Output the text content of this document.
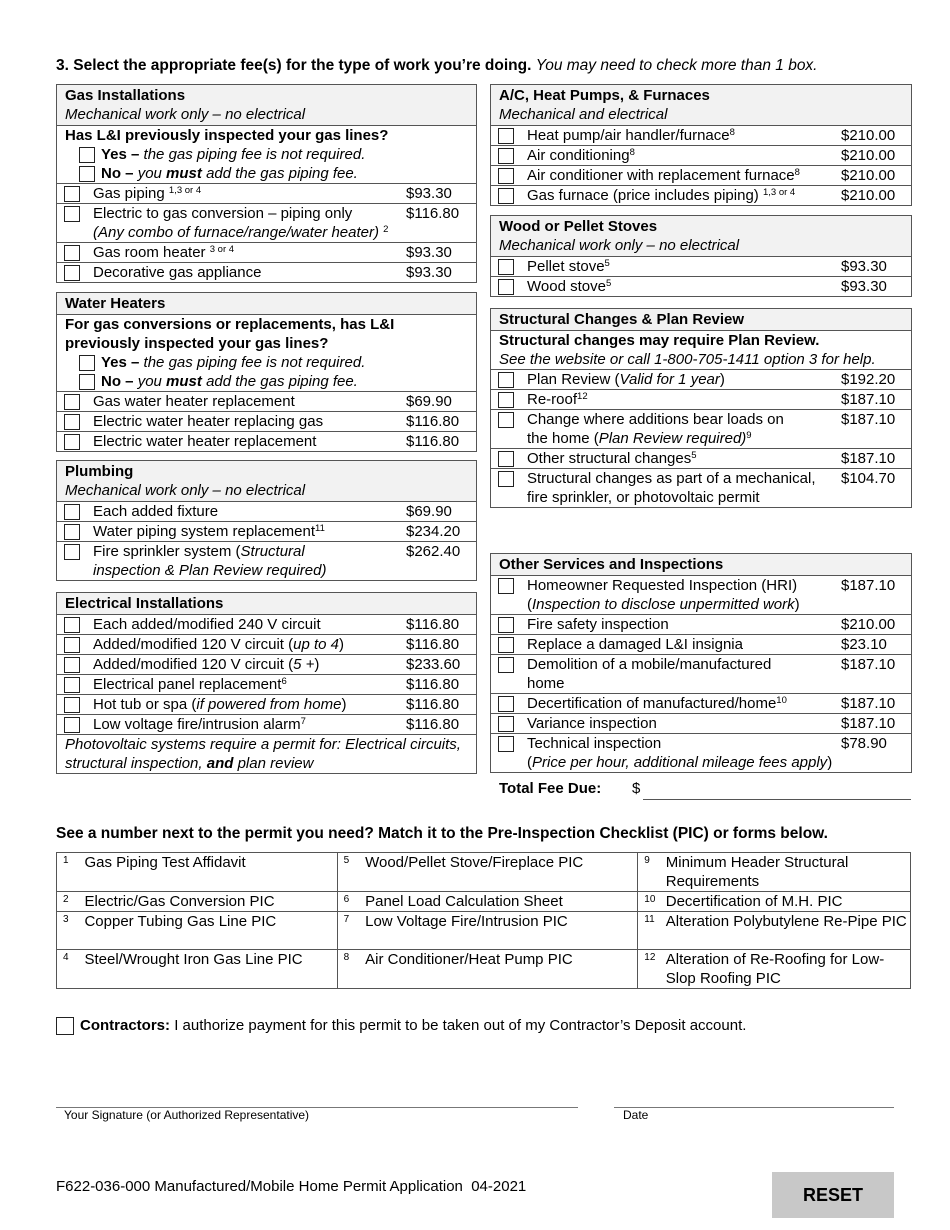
3. Select the appropriate fee(s) for the type of work you’re doing. You may need to check more than 1 box.
Gas Installations
Mechanical work only – no electrical
Has L&I previously inspected your gas lines?
Yes –
the gas piping fee is not required.
No –
you
must
add the gas piping fee.
Gas piping $^{1,3 or 4}$	$93.30
Electric to gas conversion – piping only
(Any combo of furnace/range/water heater) $^2$
$116.80
Gas room heater $^{3 or 4}$	$93.30
Decorative gas appliance	$93.30
Water Heaters
For gas conversions or replacements, has L&I previously inspected your gas lines?
Yes –
the gas piping fee is not required.
No –
you
must
add the gas piping fee.
Gas water heater replacement	$69.90
Electric water heater replacing gas	$116.80
Electric water heater replacement	$116.80
Plumbing
Mechanical work only – no electrical
Each added fixture	$69.90
Water piping system replacement$^{11}$	$234.20
Fire sprinkler system (Structural
inspection & Plan Review required)
$262.40
Electrical Installations
Each added/modified 240 V circuit	$116.80
Added/modified 120 V circuit (up to 4)	$116.80
Added/modified 120 V circuit (5 +)	$233.60
Electrical panel replacement$^6$	$116.80
Hot tub or spa (if powered from home)	$116.80
Low voltage fire/intrusion alarm$^7$	$116.80
Photovoltaic systems require a permit for: Electrical circuits, structural inspection, and plan review
A/C, Heat Pumps, & Furnaces
Mechanical and electrical
Heat pump/air handler/furnace$^8$	$210.00
Air conditioning$^8$	$210.00
Air conditioner with replacement furnace$^8$	$210.00
Gas furnace (price includes piping) $^{1,3 or 4}$	$210.00
Wood or Pellet Stoves
Mechanical work only – no electrical
Pellet stove$^5$	$93.30
Wood stove$^5$	$93.30
Structural Changes & Plan Review
Structural changes may require Plan Review.
See the website or call 1-800-705-1411 option 3 for help.
Plan Review (Valid for 1 year)	$192.20
Re-roof$^{12}$	$187.10
Change where additions bear loads on
the home (Plan Review required)$^9$
$187.10
Other structural changes$^5$	$187.10
Structural changes as part of a mechanical, fire sprinkler, or photovoltaic permit
$104.70
Other Services and Inspections
Homeowner Requested Inspection (HRI)
(Inspection to disclose unpermitted work)
$187.10
Fire safety inspection	$210.00
Replace a damaged L&I insignia	$23.10
Demolition of a mobile/manufactured home
$187.10
Decertification of manufactured/home$^{10}$	$187.10
Variance inspection	$187.10
Technical inspection
(Price per hour, additional mileage fees apply)
$78.90
Total Fee Due: $
See a number next to the permit you need? Match it to the Pre-Inspection Checklist (PIC) or forms below.
1	Gas Piping Test Affidavit	5	Wood/Pellet Stove/Fireplace PIC	9	Minimum Header Structural Requirements
2	Electric/Gas Conversion PIC	6	Panel Load Calculation Sheet	10	Decertification of M.H. PIC
3	Copper Tubing Gas Line PIC	7	Low Voltage Fire/Intrusion PIC	11	Alteration Polybutylene Re-Pipe PIC
4	Steel/Wrought Iron Gas Line PIC	8	Air Conditioner/Heat Pump PIC	12	Alteration of Re-Roofing for Low-Slop Roofing PIC
Contractors:
I authorize payment for this permit to be taken out of my Contractor’s Deposit account.
Your Signature (or Authorized Representative)	Date
F622-036-000 Manufactured/Mobile Home Permit Application  04-2021	RESET
